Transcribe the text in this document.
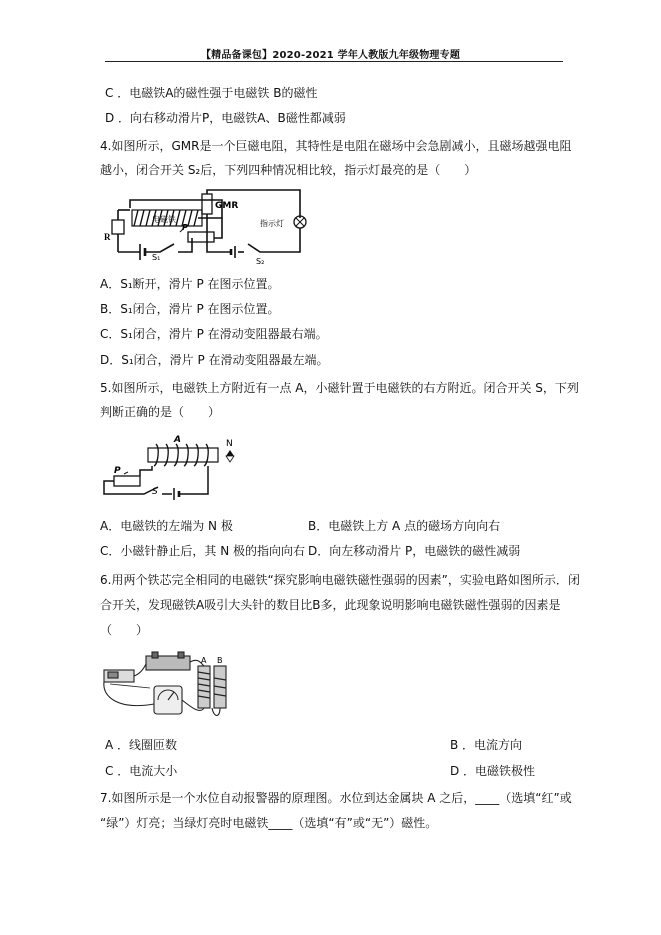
【精品备课包】2020-2021 学年人教版九年级物理专题
C ．电磁铁A的磁性强于电磁铁 B的磁性
D ．向右移动滑片P，电磁铁A、B磁性都减弱
4.如图所示，GMR是一个巨磁电阻，其特性是电阻在磁场中会急剧减小，且磁场越强电阻
越小，闭合开关 S₂后，下列四种情况相比较，指示灯最亮的是（　　）
R
电磁铁
P
S₁
GMR
指示灯
S₂
A．S₁断开，滑片 P 在图示位置。
B．S₁闭合，滑片 P 在图示位置。
C．S₁闭合，滑片 P 在滑动变阻器最右端。
D．S₁闭合，滑片 P 在滑动变阻器最左端。
5.如图所示，电磁铁上方附近有一点 A，小磁针置于电磁铁的右方附近。闭合开关 S，下列
判断正确的是（　　）
A	N
P
S
A．电磁铁的左端为 N 极	B．电磁铁上方 A 点的磁场方向向右
C．小磁针静止后，其 N 极的指向向右 D．向左移动滑片 P，电磁铁的磁性减弱
6.用两个铁芯完全相同的电磁铁“探究影响电磁铁磁性强弱的因素”，实验电路如图所示．闭
合开关，发现磁铁A吸引大头针的数目比B多，此现象说明影响电磁铁磁性强弱的因素是
（　　）
A B
A ．线圈匝数	B ．电流方向
C ．电流大小	D ．电磁铁极性
7.如图所示是一个水位自动报警器的原理图。水位到达金属块 A 之后，____（选填“红”或
“绿”）灯亮；当绿灯亮时电磁铁____（选填“有”或“无”）磁性。
